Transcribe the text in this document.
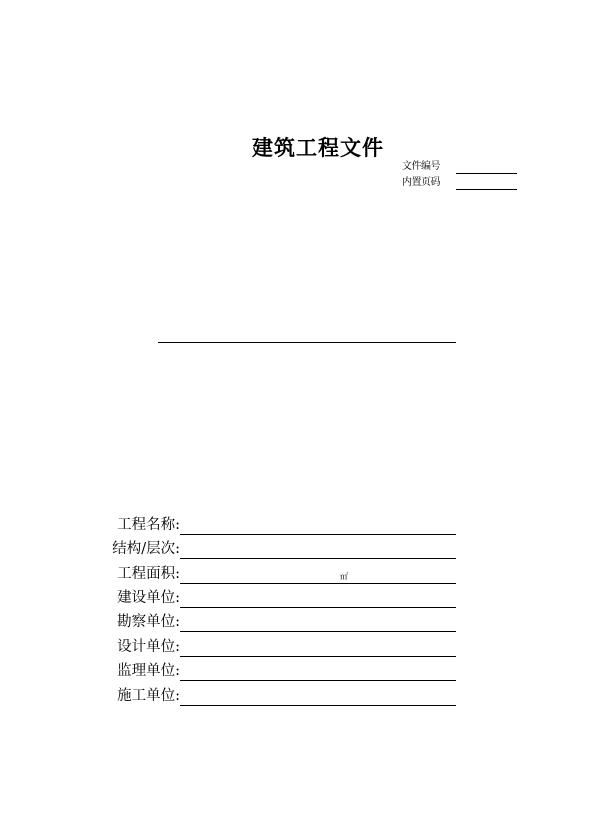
建筑工程文件
文件编号
内置页码
工程名称:
结构/层次:
工程面积:	㎡
建设单位:
勘察单位:
设计单位:
监理单位:
施工单位:
